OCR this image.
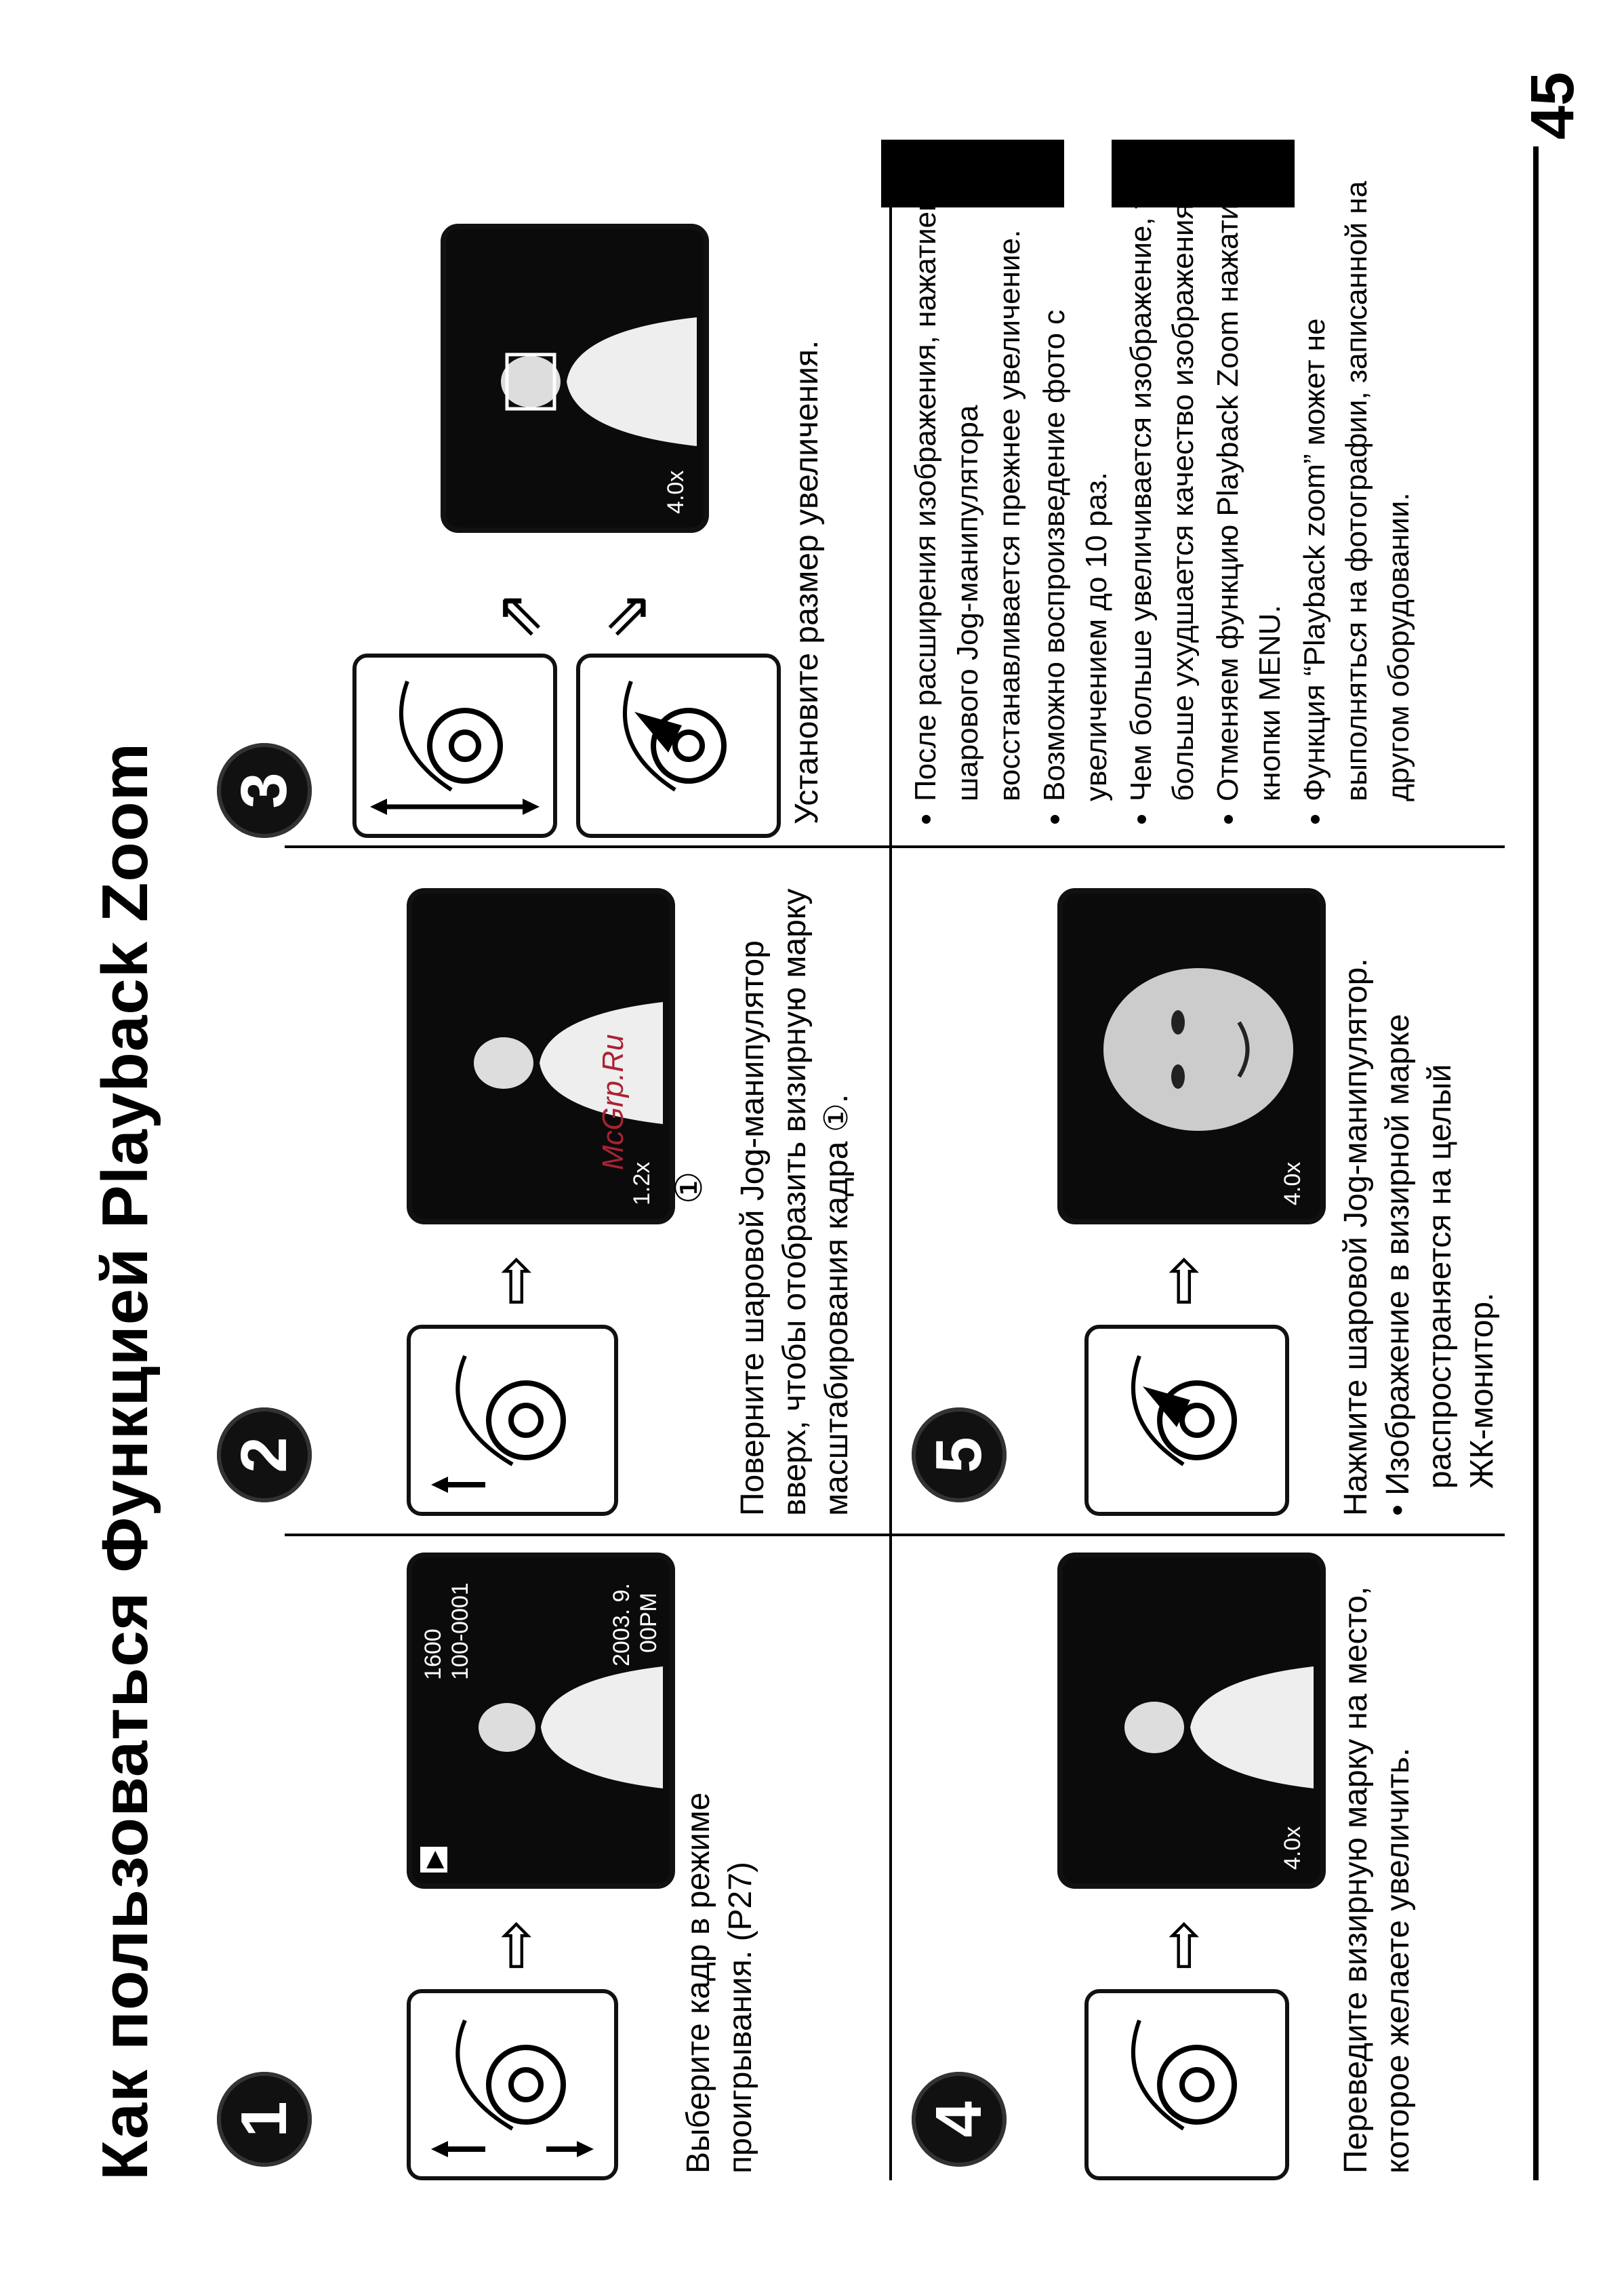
Как пользоваться Функцией Playback Zoom
45
1
⇨
▶
1600 100-0001	2003. 9. 00PM
Выберите кадр в режиме проигрывания. (P27)
2
⇨
1.2x ①
McGrp.Ru	Поверните шаровой Jog-манипулятор вверх, чтобы отобразить визирную марку масштабирования кадра ①.
3
⇗ ⇘
4.0x	Установите размер увеличения.
4
⇨
4.0x Переведите визирную марку на место, которое желаете увеличить.
5
⇨
4.0x Нажмите шаровой Jog-манипулятор. • Изображение в визирной марке распространяется на целый ЖК-монитор.
• После расширения изображения, нажатием шарового Jog-манипулятора восстанавливается прежнее увеличение. • Возможно воспроизведение фото с увеличением до 10 раз. • Чем больше увеличивается изображение, тем больше ухудшается качество изображения. • Отменяем функцию Playback Zoom нажатием кнопки MENU. • Функция “Playback zoom” может не выполняться на фотографии, записанной на другом оборудовании.
